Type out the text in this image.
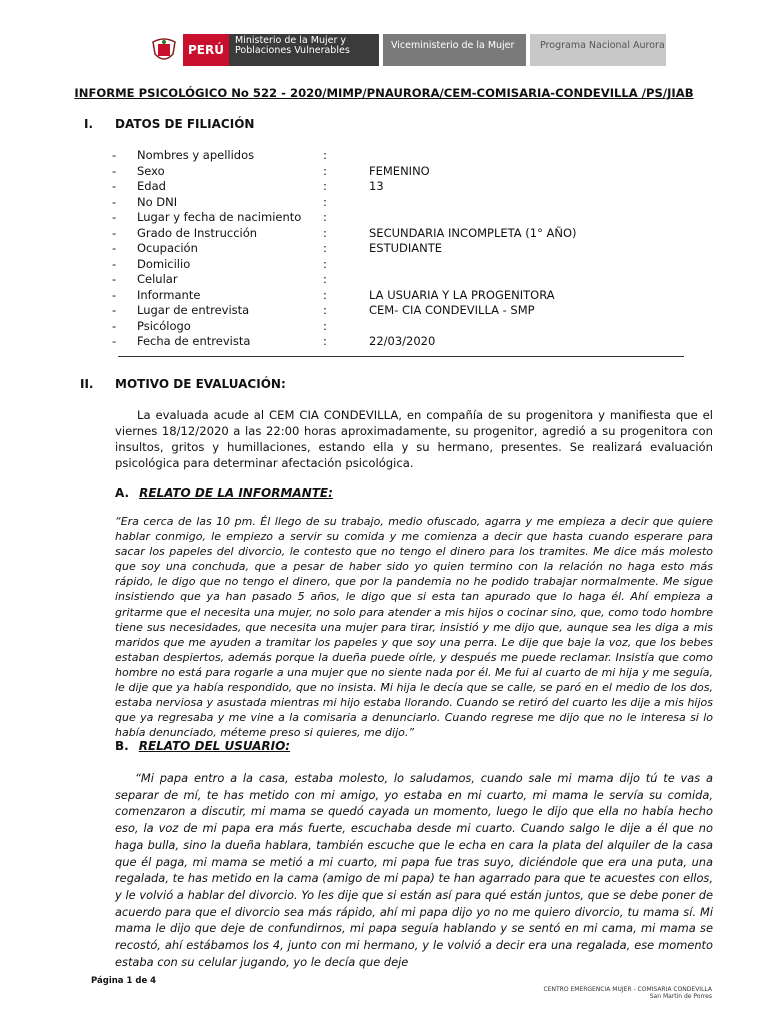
PERÚ
Ministerio de la Mujer y Poblaciones Vulnerables	Viceministerio de la Mujer	Programa Nacional Aurora
INFORME PSICOLÓGICO No 522 - 2020/MIMP/PNAURORA/CEM-COMISARIA-CONDEVILLA /PS/JIAB
I. DATOS DE FILIACIÓN
- Nombres y apellidos	:
- Sexo	:	FEMENINO
- Edad	:	13
- No DNI	:
- Lugar y fecha de nacimiento :
- Grado de Instrucción	:	SECUNDARIA INCOMPLETA (1° AÑO)
- Ocupación	:	ESTUDIANTE
- Domicilio	:
- Celular	:
- Informante	:	LA USUARIA Y LA PROGENITORA
- Lugar de entrevista	:	CEM- CIA CONDEVILLA - SMP
- Psicólogo	:
- Fecha de entrevista	:	22/03/2020
II. MOTIVO DE EVALUACIÓN:
La evaluada acude al CEM CIA CONDEVILLA, en compañía de su progenitora y manifiesta que el viernes 18/12/2020 a las 22:00 horas aproximadamente, su progenitor, agredió a su progenitora con insultos, gritos y humillaciones, estando ella y su hermano, presentes. Se realizará evaluación psicológica para determinar afectación psicológica.
A. RELATO DE LA INFORMANTE:
“Era cerca de las 10 pm. Él llego de su trabajo, medio ofuscado, agarra y me empieza a decir que quiere hablar conmigo, le empiezo a servir su comida y me comienza a decir que hasta cuando esperare para sacar los papeles del divorcio, le contesto que no tengo el dinero para los tramites. Me dice más molesto que soy una conchuda, que a pesar de haber sido yo quien termino con la relación no haga esto más rápido, le digo que no tengo el dinero, que por la pandemia no he podido trabajar normalmente. Me sigue insistiendo que ya han pasado 5 años, le digo que si esta tan apurado que lo haga él. Ahí empieza a gritarme que el necesita una mujer, no solo para atender a mis hijos o cocinar sino, que, como todo hombre tiene sus necesidades, que necesita una mujer para tirar, insistió y me dijo que, aunque sea les diga a mis maridos que me ayuden a tramitar los papeles y que soy una perra. Le dije que baje la voz, que los bebes estaban despiertos, además porque la dueña puede oírle, y después me puede reclamar. Insistía que como hombre no está para rogarle a una mujer que no siente nada por él. Me fui al cuarto de mi hija y me seguía, le dije que ya había respondido, que no insista. Mi hija le decía que se calle, se paró en el medio de los dos, estaba nerviosa y asustada mientras mi hijo estaba llorando. Cuando se retiró del cuarto les dije a mis hijos que ya regresaba y me vine a la comisaria a denunciarlo. Cuando regrese me dijo que no le interesa si lo había denunciado, méteme preso si quieres, me dijo.”
B. RELATO DEL USUARIO:
“Mi papa entro a la casa, estaba molesto, lo saludamos, cuando sale mi mama dijo tú te vas a separar de mí, te has metido con mi amigo, yo estaba en mi cuarto, mi mama le servía su comida, comenzaron a discutir, mi mama se quedó cayada un momento, luego le dijo que ella no había hecho eso, la voz de mi papa era más fuerte, escuchaba desde mi cuarto. Cuando salgo le dije a él que no haga bulla, sino la dueña hablara, también escuche que le echa en cara la plata del alquiler de la casa que él paga, mi mama se metió a mi cuarto, mi papa fue tras suyo, diciéndole que era una puta, una regalada, te has metido en la cama (amigo de mi papa) te han agarrado para que te acuestes con ellos, y le volvió a hablar del divorcio. Yo les dije que si están así para qué están juntos, que se debe poner de acuerdo para que el divorcio sea más rápido, ahí mi papa dijo yo no me quiero divorcio, tu mama sí. Mi mama le dijo que deje de confundirnos, mi papa seguía hablando y se sentó en mi cama, mi mama se recostó, ahí estábamos los 4, junto con mi hermano, y le volvió a decir era una regalada, ese momento estaba con su celular jugando, yo le decía que deje
Página 1 de 4
CENTRO EMERGENCIA MUJER - COMISARIA CONDEVILLA
San Martin de Porres
